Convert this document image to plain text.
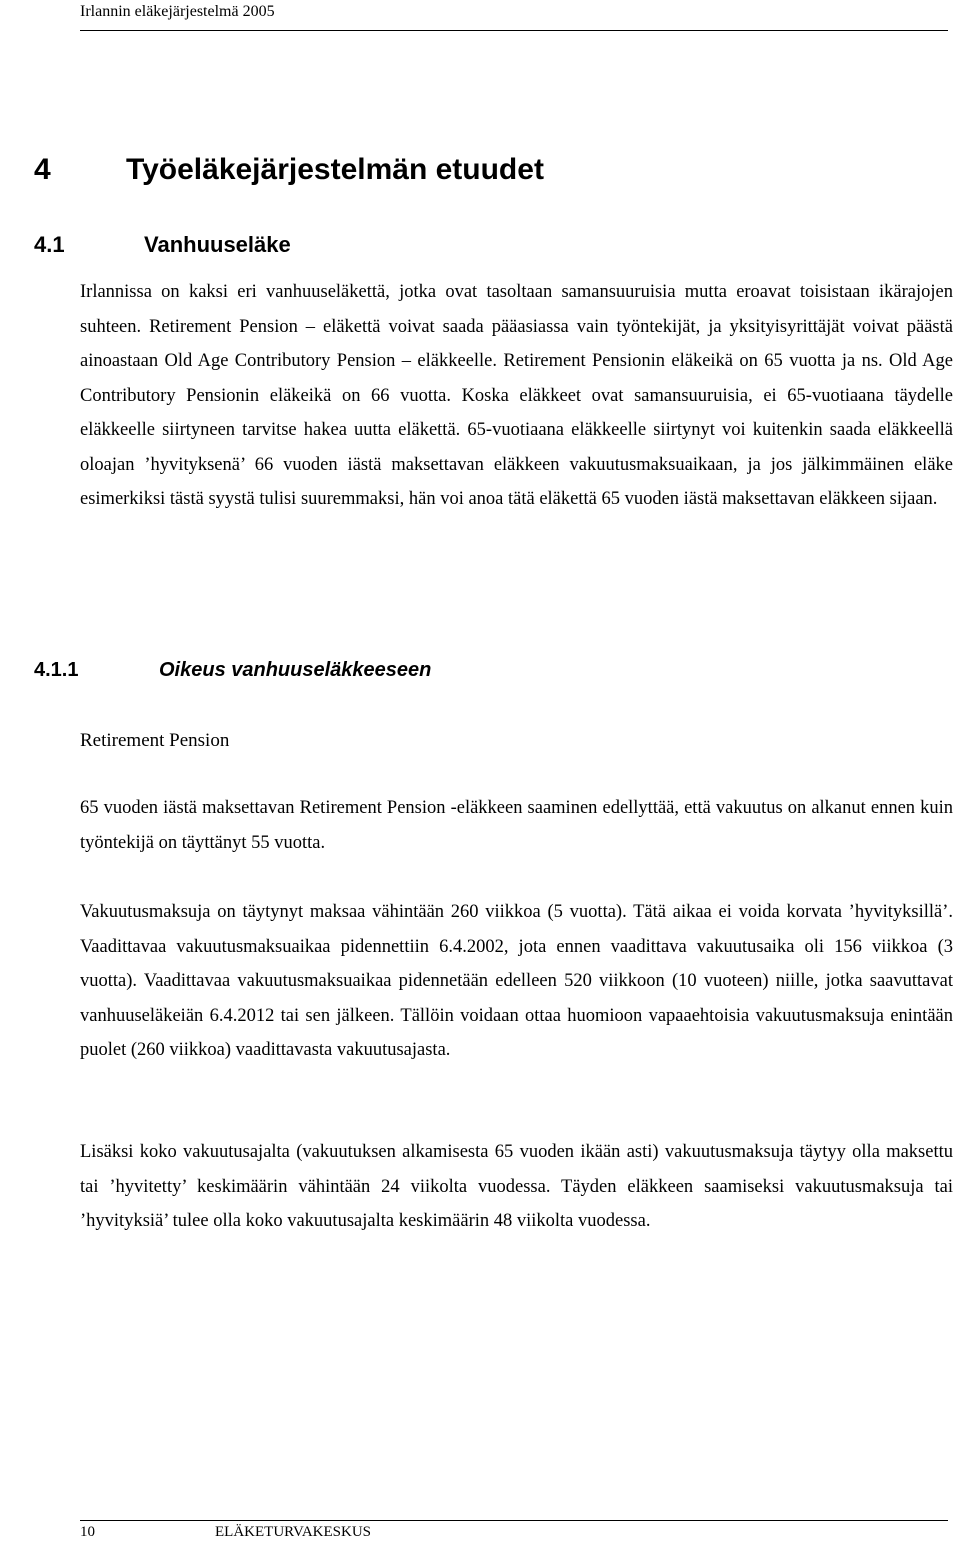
Irlannin eläkejärjestelmä 2005
4	Työeläkejärjestelmän etuudet
4.1	Vanhuuseläke

Irlannissa on kaksi eri vanhuuseläkettä, jotka ovat tasoltaan samansuuruisia mutta eroavat toisistaan ikärajojen suhteen. Retirement Pension – eläkettä voivat saada pääasiassa vain työntekijät, ja yksityisyrittäjät voivat päästä ainoastaan Old Age Contributory Pension – eläkkeelle. Retirement Pensionin eläkeikä on 65 vuotta ja ns. Old Age Contributory Pensionin eläkeikä on 66 vuotta. Koska eläkkeet ovat samansuuruisia, ei 65-vuotiaana täydelle eläkkeelle siirtyneen tarvitse hakea uutta eläkettä. 65-vuotiaana eläkkeelle siirtynyt voi kuitenkin saada eläkkeellä oloajan ’hyvityksenä’ 66 vuoden iästä maksettavan eläkkeen vakuutusmaksuaikaan, ja jos jälkimmäinen eläke esimerkiksi tästä syystä tulisi suuremmaksi, hän voi anoa tätä eläkettä 65 vuoden iästä maksettavan eläkkeen sijaan.

4.1.1	Oikeus vanhuuseläkkeeseen
Retirement Pension

65 vuoden iästä maksettavan Retirement Pension -eläkkeen saaminen edellyttää, että vakuutus on alkanut ennen kuin työntekijä on täyttänyt 55 vuotta.

Vakuutusmaksuja on täytynyt maksaa vähintään 260 viikkoa (5 vuotta). Tätä aikaa ei voida korvata ’hyvityksillä’. Vaadittavaa vakuutusmaksuaikaa pidennettiin 6.4.2002, jota ennen vaadittava vakuutusaika oli 156 viikkoa (3 vuotta). Vaadittavaa vakuutusmaksuaikaa pidennetään edelleen 520 viikkoon (10 vuoteen) niille, jotka saavuttavat vanhuuseläkeiän 6.4.2012 tai sen jälkeen. Tällöin voidaan ottaa huomioon vapaaehtoisia vakuutusmaksuja enintään puolet (260 viikkoa) vaadittavasta vakuutusajasta.

Lisäksi koko vakuutusajalta (vakuutuksen alkamisesta 65 vuoden ikään asti) vakuutusmaksuja täytyy olla maksettu tai ’hyvitetty’ keskimäärin vähintään 24 viikolta vuodessa. Täyden eläkkeen saamiseksi vakuutusmaksuja tai ’hyvityksiä’ tulee olla koko vakuutusajalta keskimäärin 48 viikolta vuodessa.

10	ELÄKETURVAKESKUS
